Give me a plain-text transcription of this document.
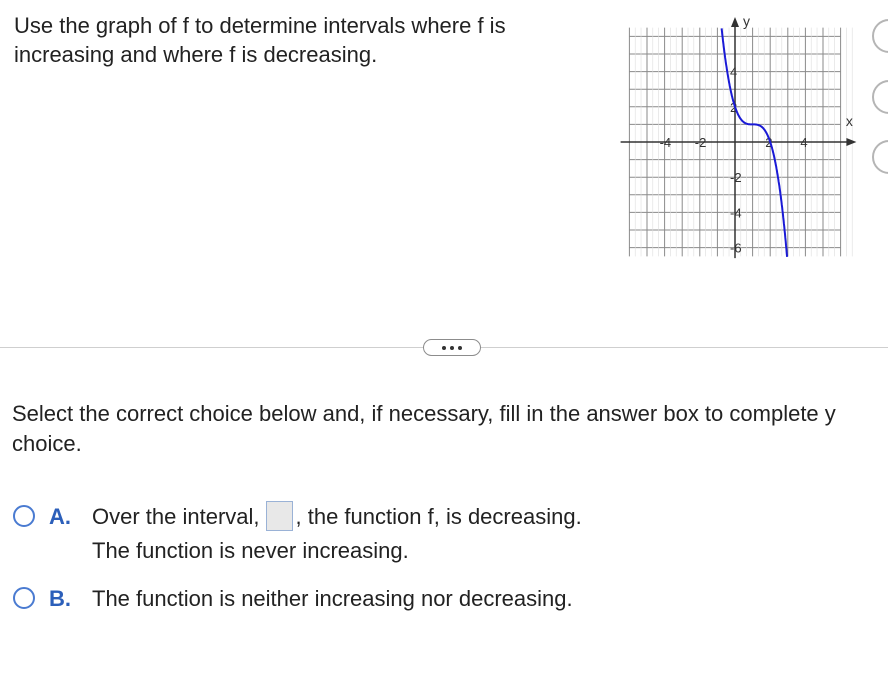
Use the graph of f to determine intervals where f is
increasing and where f is decreasing.
x
y
-4 -2	2 4
4
2
-2
-4
-6
Select the correct choice below and, if necessary, fill in the answer box to complete y
choice.
A. Over the interval, , the function f, is decreasing.
The function is never increasing.
B. The function is neither increasing nor decreasing.
